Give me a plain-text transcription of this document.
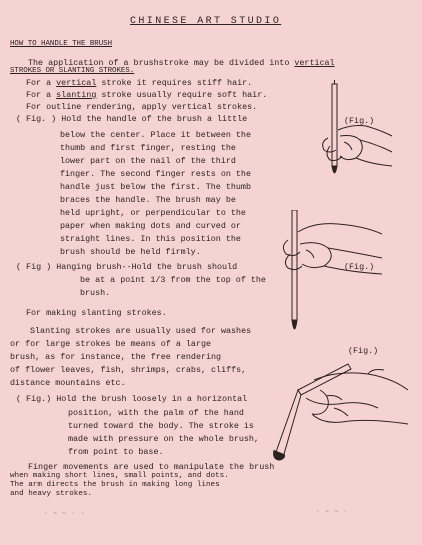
CHINESE ART STUDIO
HOW TO HANDLE THE BRUSH
The application of a brushstroke may be divided into vertical
STROKES OR SLANTING STROKES.
For a vertical stroke it requires stiff hair.
For a slanting stroke usually require soft hair.
For outline rendering, apply vertical strokes.
( Fig. ) Hold the handle of the brush a little
below the center. Place it between the
thumb and first finger, resting the
lower part on the nail of the third
finger. The second finger rests on the
handle just below the first. The thumb
braces the handle. The brush may be
held upright, or perpendicular to the
paper when making dots and curved or
straight lines. In this position the
brush should be held firmly.
(Fig.)
( Fig ) Hanging brush--Hold the brush should
be at a point 1/3 from the top of the
brush.
(Fig.)
For making slanting strokes.
Slanting strokes are usually used for washes
or for large strokes be means of a large
brush, as for instance, the free rendering
of flower leaves, fish, shrimps, crabs, cliffs,
distance mountains etc.
(Fig.)
( Fig.) Hold the brush loosely in a horizontal
position, with the palm of the hand
turned toward the body. The stroke is
made with pressure on the whole brush,
from point to base.
Finger movements are used to manipulate the brush
when making short lines, small points, and dots.
The arm directs the brush in making long lines
and heavy strokes.
· ~ ~ · ·	· ~ ~ ·
